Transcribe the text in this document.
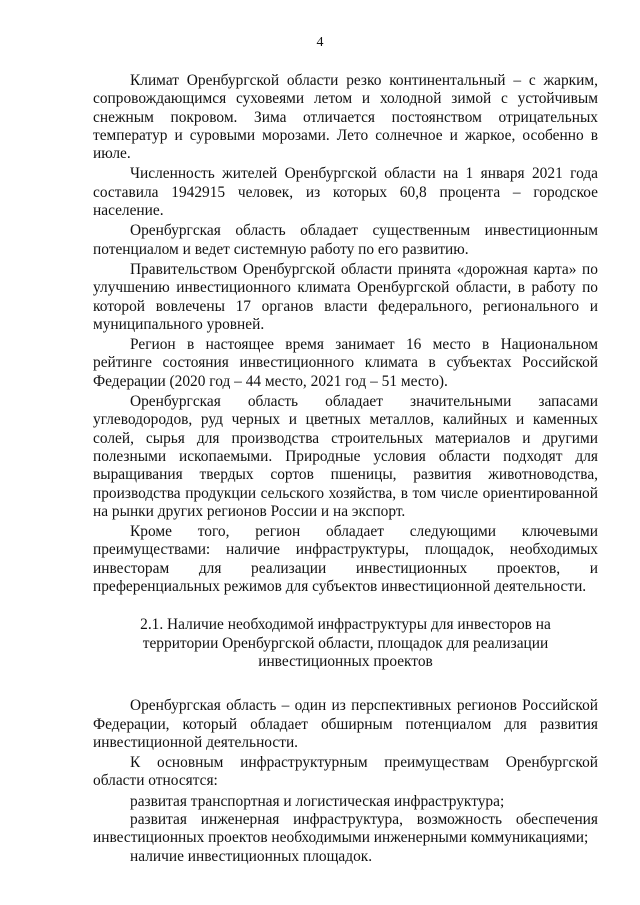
4

Климат Оренбургской области резко континентальный – с жарким, сопровождающимся суховеями летом и холодной зимой с устойчивым снежным покровом. Зима отличается постоянством отрицательных температур и суровыми морозами. Лето солнечное и жаркое, особенно в июле.

Численность жителей Оренбургской области на 1 января 2021 года составила 1942915 человек, из которых 60,8 процента – городское население.

Оренбургская область обладает существенным инвестиционным потенциалом и ведет системную работу по его развитию.

Правительством Оренбургской области принята «дорожная карта» по улучшению инвестиционного климата Оренбургской области, в работу по которой вовлечены 17 органов власти федерального, регионального и муниципального уровней.

Регион в настоящее время занимает 16 место в Национальном рейтинге состояния инвестиционного климата в субъектах Российской Федерации (2020 год – 44 место, 2021 год – 51 место).

Оренбургская область обладает значительными запасами углеводородов, руд черных и цветных металлов, калийных и каменных солей, сырья для производства строительных материалов и другими полезными ископаемыми. Природные условия области подходят для выращивания твердых сортов пшеницы, развития животноводства, производства продукции сельского хозяйства, в том числе ориентированной на рынки других регионов России и на экспорт.

Кроме того, регион обладает следующими ключевыми преимуществами: наличие инфраструктуры, площадок, необходимых инвесторам для реализации инвестиционных проектов, и преференциальных режимов для субъектов инвестиционной деятельности.

2.1. Наличие необходимой инфраструктуры для инвесторов на
территории Оренбургской области, площадок для реализации
инвестиционных проектов

Оренбургская область – один из перспективных регионов Российской Федерации, который обладает обширным потенциалом для развития инвестиционной деятельности.

К основным инфраструктурным преимуществам Оренбургской области относятся:

развитая транспортная и логистическая инфраструктура;

развитая инженерная инфраструктура, возможность обеспечения инвестиционных проектов необходимыми инженерными коммуникациями;

наличие инвестиционных площадок.
